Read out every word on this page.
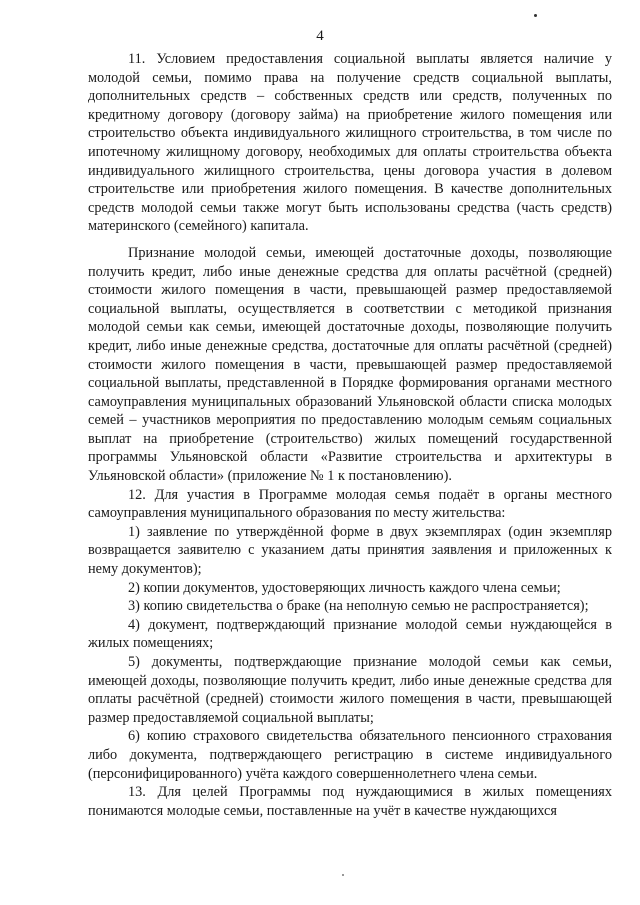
4

11. Условием предоставления социальной выплаты является наличие у молодой семьи, помимо права на получение средств социальной выплаты, дополнительных средств – собственных средств или средств, полученных по кредитному договору (договору займа) на приобретение жилого помещения или строительство объекта индивидуального жилищного строительства, в том числе по ипотечному жилищному договору, необходимых для оплаты строительства объекта индивидуального жилищного строительства, цены договора участия в долевом строительстве или приобретения жилого помещения. В качестве дополнительных средств молодой семьи также могут быть использованы средства (часть средств) материнского (семейного) капитала.

Признание молодой семьи, имеющей достаточные доходы, позволяющие получить кредит, либо иные денежные средства для оплаты расчётной (средней) стоимости жилого помещения в части, превышающей размер предоставляемой социальной выплаты, осуществляется в соответствии с методикой признания молодой семьи как семьи, имеющей достаточные доходы, позволяющие получить кредит, либо иные денежные средства, достаточные для оплаты расчётной (средней) стоимости жилого помещения в части, превышающей размер предоставляемой социальной выплаты, представленной в Порядке формирования органами местного самоуправления муниципальных образований Ульяновской области списка молодых семей – участников мероприятия по предоставлению молодым семьям социальных выплат на приобретение (строительство) жилых помещений государственной программы Ульяновской области «Развитие строительства и архитектуры в Ульяновской области» (приложение № 1 к постановлению).

12. Для участия в Программе молодая семья подаёт в органы местного самоуправления муниципального образования по месту жительства:

1) заявление по утверждённой форме в двух экземплярах (один экземпляр возвращается заявителю с указанием даты принятия заявления и приложенных к нему документов);

2) копии документов, удостоверяющих личность каждого члена семьи;

3) копию свидетельства о браке (на неполную семью не распространяется);

4) документ, подтверждающий признание молодой семьи нуждающейся в жилых помещениях;

5) документы, подтверждающие признание молодой семьи как семьи, имеющей доходы, позволяющие получить кредит, либо иные денежные средства для оплаты расчётной (средней) стоимости жилого помещения в части, превышающей размер предоставляемой социальной выплаты;

6) копию страхового свидетельства обязательного пенсионного страхования либо документа, подтверждающего регистрацию в системе индивидуального (персонифицированного) учёта каждого совершеннолетнего члена семьи.

13. Для целей Программы под нуждающимися в жилых помещениях понимаются молодые семьи, поставленные на учёт в качестве нуждающихся
